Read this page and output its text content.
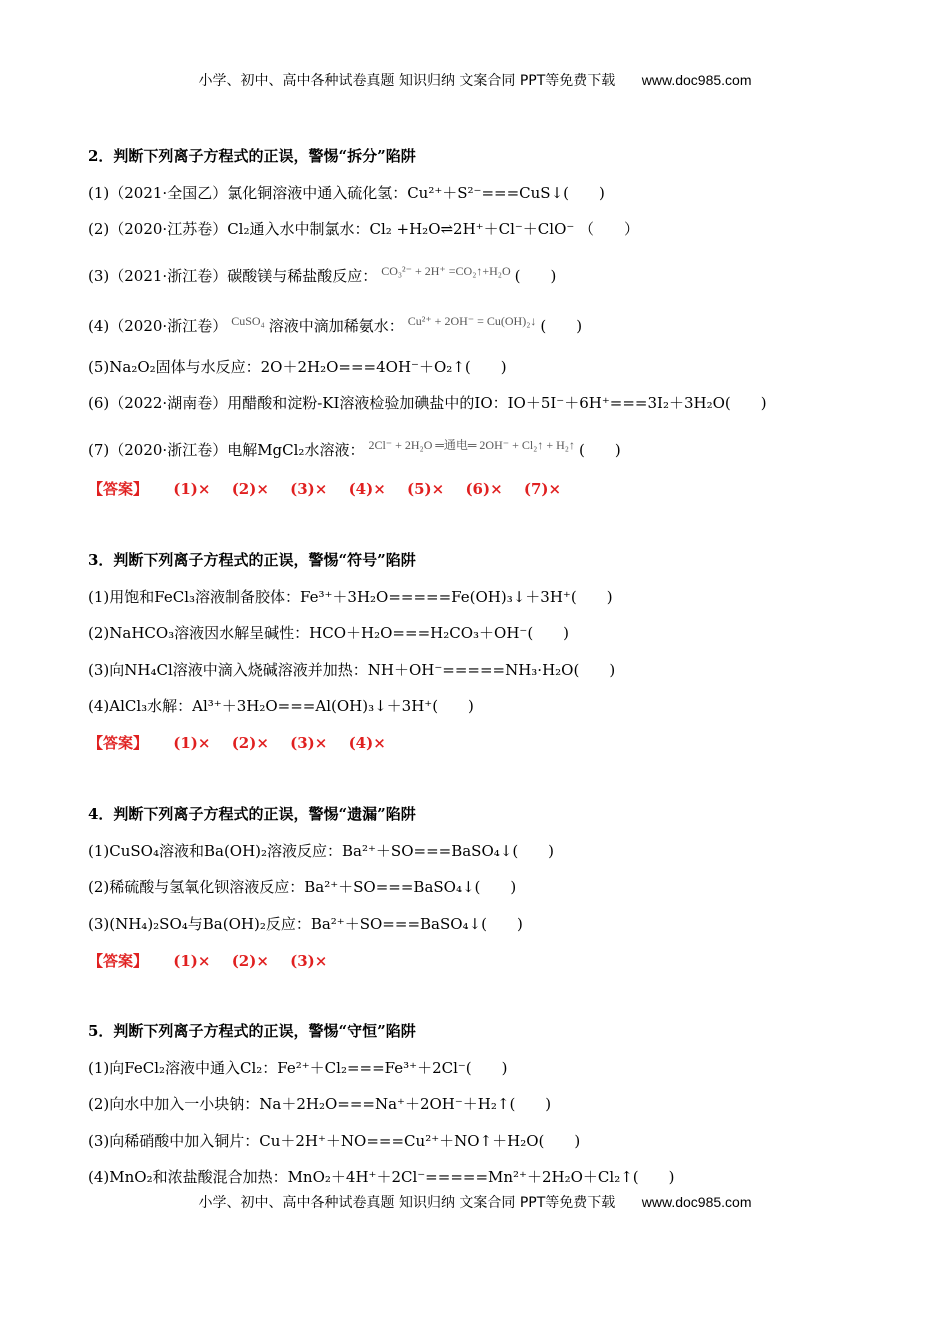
小学、初中、高中各种试卷真题 知识归纳 文案合同 PPT等免费下载 www.doc985.com
2．判断下列离子方程式的正误，警惕“拆分”陷阱
(1)（2021·全国乙）氯化铜溶液中通入硫化氢：Cu²⁺＋S²⁻===CuS↓(　　)
(2)（2020·江苏卷）Cl₂通入水中制氯水：Cl₂ +H₂O⇌2H⁺＋Cl⁻＋ClO⁻ （　　）
(3)（2021·浙江卷）碳酸镁与稀盐酸反应： CO₃²⁻ + 2H⁺ =CO₂↑+H₂O (　　)
(4)（2020·浙江卷） CuSO₄ 溶液中滴加稀氨水： Cu²⁺ + 2OH⁻ = Cu(OH)₂↓ (　　)
(5)Na₂O₂固体与水反应：2O＋2H₂O===4OH⁻＋O₂↑(　　)
(6)（2022·湖南卷）用醋酸和淀粉-KI溶液检验加碘盐中的IO：IO＋5I⁻＋6H⁺===3I₂＋3H₂O(　　)
(7)（2020·浙江卷）电解MgCl₂水溶液： 2Cl⁻ + 2H₂O ═通电═ 2OH⁻ + Cl₂↑ + H₂↑ (　　)
【答案】 (1)× (2)× (3)× (4)× (5)× (6)× (7)×
3．判断下列离子方程式的正误，警惕“符号”陷阱
(1)用饱和FeCl₃溶液制备胶体：Fe³⁺＋3H₂O=====Fe(OH)₃↓＋3H⁺(　　)
(2)NaHCO₃溶液因水解呈碱性：HCO＋H₂O===H₂CO₃＋OH⁻(　　)
(3)向NH₄Cl溶液中滴入烧碱溶液并加热：NH＋OH⁻=====NH₃·H₂O(　　)
(4)AlCl₃水解：Al³⁺＋3H₂O===Al(OH)₃↓＋3H⁺(　　)
【答案】 (1)× (2)× (3)× (4)×
4．判断下列离子方程式的正误，警惕“遗漏”陷阱
(1)CuSO₄溶液和Ba(OH)₂溶液反应：Ba²⁺＋SO===BaSO₄↓(　　)
(2)稀硫酸与氢氧化钡溶液反应：Ba²⁺＋SO===BaSO₄↓(　　)
(3)(NH₄)₂SO₄与Ba(OH)₂反应：Ba²⁺＋SO===BaSO₄↓(　　)
【答案】 (1)× (2)× (3)×
5．判断下列离子方程式的正误，警惕“守恒”陷阱
(1)向FeCl₂溶液中通入Cl₂：Fe²⁺＋Cl₂===Fe³⁺＋2Cl⁻(　　)
(2)向水中加入一小块钠：Na＋2H₂O===Na⁺＋2OH⁻＋H₂↑(　　)
(3)向稀硝酸中加入铜片：Cu＋2H⁺＋NO===Cu²⁺＋NO↑＋H₂O(　　)
(4)MnO₂和浓盐酸混合加热：MnO₂＋4H⁺＋2Cl⁻=====Mn²⁺＋2H₂O＋Cl₂↑(　　)
小学、初中、高中各种试卷真题 知识归纳 文案合同 PPT等免费下载 www.doc985.com
